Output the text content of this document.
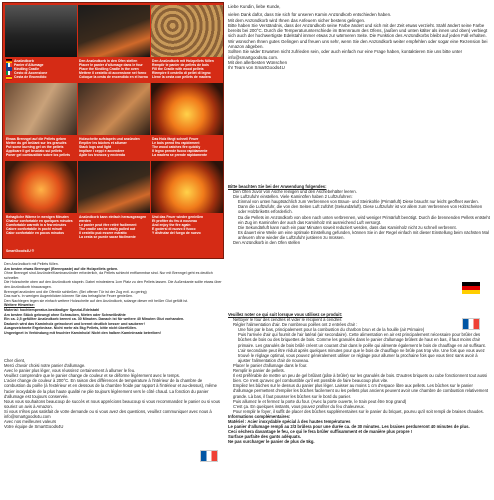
Anzündkorb
Panier d'Allumage
Kindling Cradle
Cesto di Accensione
Cesta de Encendido
Den Anzündkorb in den Ofen stellen
Placer le panier d'allumage dans le four
Place the Kindling Cradle in the oven
Mettere il cestello di accensione nel forno
Coloque la cesta de encendido en el horno
Den Anzündkorb mit Holzpellets füllen
Remplir le panier de pellets de bois
Fill the Cradle with wood pellets
Riempire il cestello di pellet di legno
Llene la cesta con pellets de madera
Etwas Brenngel auf die Pellets geben
Mettre du gel brûlant sur les granulés
Put some burning gel on the pellets
Applicare il gel bruciato sui pellets
Poner gel combustible sobre los pellets
Holzscheite aufstapeln und anzünden
Empiler les bûches et allumer
Stack logs and light
Impilare i ceppi e accendere
Apile los troncos y encienda
Das Holz fängt schnell Feuer
Le bois prend feu rapidement
The wood catches fire quickly
Il legno prende fuoco rapidamente
La madera se prende rápidamente
Behagliche Wärme in wenigen Minuten
Chaleur confortable en quelques minutes
Comfortable warmth in a few minutes
Calore confortabile in pochi minuti
Calor confortable en pocos minutos
Anzündkorb kann einfach herausgezogen werden
Le panier peut être retiré facilement
The cradle can be easily pulled out
Il cestello può essere estratto
La cesta se puede sacar fácilmente
Und das Feuer wieder genießen
Et profiter du feu à nouveau
And enjoy the fire again
E godersi di nuovo il fuoco
Y disfrutar del fuego de nuevo
SmartGoods4U ®
Den Anzündkorb mit Pellets füllen.
Am besten etwas Brenngel (Brennpaste) auf die Holzpellets geben.
Ohne Brenngel sind Anzünder/Kaminanzünder erforderlich, da Pellets schlecht entflammbar sind. Nur mit Brenngel geht es deutlich schneller.
Die Holzscheite oben auf den Anzündkorb stapeln. Dabei mindestens 1cm Platz zu den Pellets lassen. Die Außenkante sollte etwas über den Anzündkorb hinausragen.
Brenngel anzünden und die Ofentür schließen. (Bei offener Tür ist der Zug evtl. zu gering)
Das war's. In wenigen Augenblicken können Sie das behagliche Feuer genießen.
Den Nachlegen legen sie einfach weitere Holzscheite auf den Anzündkorb, solange dieser mit heißer Glut gefüllt ist.
Weitere Hinweise:
Material: hochtemperatur-beständiger Spezial-Edelstahl
Am besten Stück gebrungt ohne Schrauben, Nieten oder Schweißnähte
Ein ca. 2,5 gefüllter Anzündkorb brennt ca. 30 Minuten. Danach ist für weitere 40 Minuten Glut vorhanden.
Dadurch wird das Kaminholz getrocknet und brennt deutlich besser und sauberer!
Ausgezeichnete Ergebnisse. Nicht mehr als 5kg Pellets, bitte nicht überfüllen.
Ungeeignet in Verbindung mit feuchter Kaminholz! Nicht den halben Kamininsatz betreiben!
Cher client,
Merci d'avoir choisi notre panier d'allumage.
Avec le panier plus léger, vous réussirez certainement à allumer le feu.
Veuillez comprendre que le panier change de couleur et se déforme légèrement avec le temps.
L'acier change de couleur à 200°C. En raison des différences de température à l'intérieur de la chambre de combustion du poêle (à l'extérieur et en dessous de la chambre froide par rapport à l'intérieur et au-dessus), même l'acier inoxydable de la plus haute qualité ne plie toujours légèrement vers le côté chaud. La fonction du panier d'allumage est toujours conservée.
Nous vous souhaitons beaucoup de succès et nous apprécions beaucoup si vous recommandez le panier ou si vous souriez un avis à Amazon.
Si vous n'êtes pas satisfait de votre demande ou si vous avez des questions, veuillez communiquer avec nous à info@smartgoods4u.com
Avec nos meilleures valeurs
Votre équipe de SmartGoods4U
Liebe Kundin, liebe Kunde,
vielen Dank dafür, dass Sie sich für unseren Kamin Anzündkorb entschieden haben.
Mit dem Anzündkorb wird Ihnen das Anfeuern sicher bestens gelingen.
Bitte haben Sie Verständnis, dass der Anzündkorb seine Farbe ändert und sich mit der Zeit etwas verzieht. Stahl ändert seine Farbe bereits bei 200°C. Durch die Temperaturunterschiede im Brennraum des Ofens, (außen und unten kälter als innen und oben) verbiegt sich auch der hochwertigste Edelstahl immer etwas zur wärmeren Seite. Die Funktion des Anzündkorbs bleibt auf jeden Fall erhalten.
Wir wünschen Ihnen gutes Gelingen und freuen uns sehr, wenn Sie den Anzündkorb weiter empfehlen oder sogar eine Rezension bei Amazon abgeben.
Sollten Sie wider Erwarten nicht zufrieden sein, oder auch einfach nur eine Frage haben, kontaktieren Sie uns bitte unter info@smartgoods4u.com.
Mit den allerbesten Wünschen
Ihr Team von SmartGoods4U
Bitte beachten Sie bei der Anwendung folgendes:
Den Ofen zuvor von Asche reinigen und den Aschebehälter leeren.
Die Luftzufuhr einstellen. Viele Kaminöfen haben 2 Luftzufuhren:
Einmal von unten hauptsächlich zum Verbrennen von Braun- und Steinkohle (Primärluft) Diese braucht nur leicht geöffnet werden.
Dann die Luftzufuhr, die von den Seiten Luft zuführt (Sekundärluft). Diese Luftzufuhr ist vor allem zum Verbrennen von Holzscheiten oder Holzbriketts erforderlich.
Da die Pellets im Anzündkorb von oben nach unten verbrennen, wird weniger Primärluft benötigt. Durch die brennenden Pellets entsteht ein Zug im Kaminofen der auch das Kaminholz mit ausreichend Luft versorgt.
Die Sekundärluft kann nach ein paar Minuten soweit reduziert werden, dass das Kaminholz nicht zu schnell verbrennt.
Es dauert eine Weile um eine optimale Einstellung gefunden, können Sie in der Regel einfach mit dieser Einstellung beim nächsten Mal anfeuern ohne wieder die Luftzufuhr justieren zu müssen.
Den Anzündkorb in den Ofen stellen
Veuillez noter ce qui suit lorsque vous utilisez ce produit:
Nettoyer le four des cendres et vider le récipient à cendres
Régler l'alimentation d'air. De nombreux poêles ont 2 entrées d'air :
Une fois par le bas, principalement pour la combustion du charbon brun et de la houille (air Primaire)
Puis l'arrivée d'air qui fournit de l'air latéral (air secondaire). Cette alimentation en air est principalement nécessaire pour brûler des bûches de bois ou des briquettes de bois. Comme les granulés dans le panier d'allumage brûlent de haut en bas, il faut moins d'air primaire. Les granulés de bois brûlé créent un courant d'air dans le poêle qui alimente également le bois de chauffage en air suffisant.
L'air secondaire peut être réduit après quelques minutes pour que le bois de chauffage ne brûle pas trop vite. Une fois que vous avez trouvé le réglage optimal, vous pouvez généralement utiliser ce réglage pour allumer la prochaine fois que vous tirez sans avoir à ajuster l'alimentation d'air de nouveau.
Placer le panier d'allumage dans le four.
Remplir le panier de pellets.
Il est préférable de mettre un peu de gel brûlant (pâte à brûler) sur les granulés de bois. D'autres briquets ou cube fonctionnent tout aussi bien. Ce n'est qu'avec gel combustible qu'il est possible de faire beaucoup plus vite.
Empilez les bûches sur le dessus du panier plus léger. Laisser au moins 1 cm d'espace libre aux pellets. Les bûches sur le panier d'allumage permettent d'empiler les bûches facilement ou les pellets plus anciens peuvent avoir une chambre de combustion relativement grande. Là bas, il faut pousser les bûches sur le bord du panier.
Puis allumez le et fermez la porte du four. (Avec la porte ouverte, le train peut être trop grand)
C'est ça. En quelques instants, vous pouvez profiter du feu chaleureux.
Pour remplir le foyer, il suffit de placer des bûches supplémentaires sur le panier du briquet, pourvu qu'il soit rempli de braises chaudes.
Informations complémentaires:
Matériel : Acier inoxydable spécial à des hautes températures
Le panier d'allumage rempli au 2/3 brûlera pour une durée ca. de 30 minutes. Les braises perdureront 40 minutes de plus.
Ceci séchera davantage le feu, ce qui le fera brûler suffisamment et de manière plus propre !
Surface parfaite des gants adéquats.
Ne pas surcharger le panier de plus de 5kg.
